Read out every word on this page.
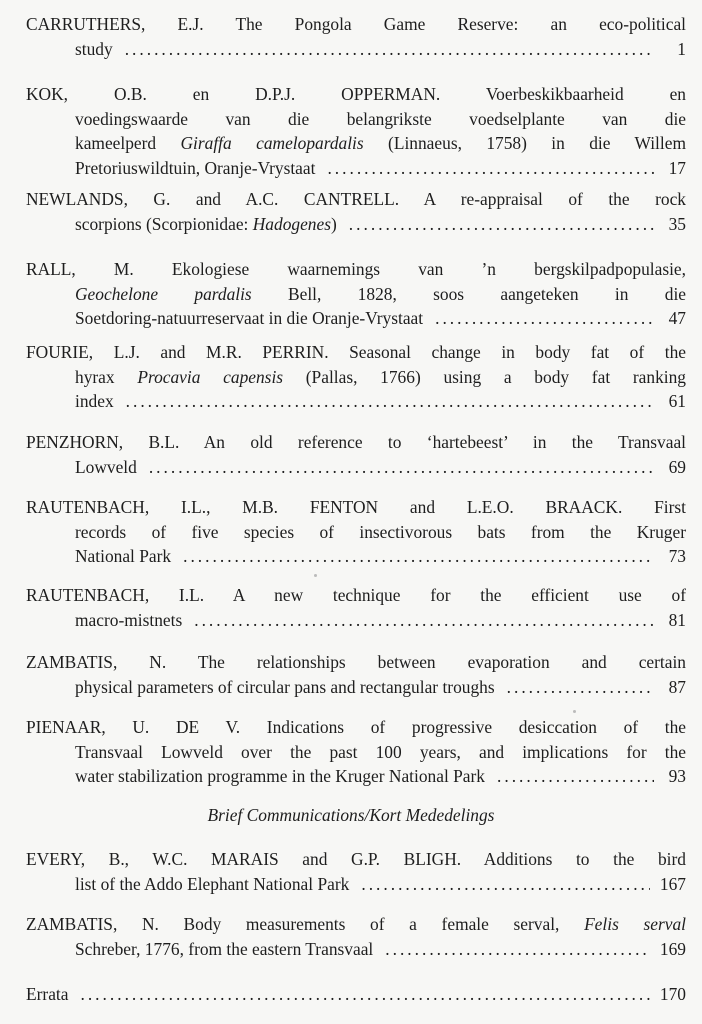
CARRUTHERS, E.J. The Pongola Game Reserve: an eco-political
study .....	1
KOK, O.B. en D.P.J. OPPERMAN. Voerbeskikbaarheid en
voedingswaarde van die belangrikste voedselplante van die
kameelperd Giraffa camelopardalis (Linnaeus, 1758) in die Willem
Pretoriuswildtuin, Oranje-Vrystaat .....	17
NEWLANDS, G. and A.C. CANTRELL. A re-appraisal of the rock
scorpions (Scorpionidae: Hadogenes) .....	35
RALL, M. Ekologiese waarnemings van ’n bergskilpadpopulasie,
Geochelone pardalis Bell, 1828, soos aangeteken in die
Soetdoring-natuurreservaat in die Oranje-Vrystaat .....	47
FOURIE, L.J. and M.R. PERRIN. Seasonal change in body fat of the
hyrax Procavia capensis (Pallas, 1766) using a body fat ranking
index .....	61
PENZHORN, B.L. An old reference to ‘hartebeest’ in the Transvaal
Lowveld .....	69
RAUTENBACH, I.L., M.B. FENTON and L.E.O. BRAACK. First
records of five species of insectivorous bats from the Kruger
National Park .....	73
RAUTENBACH, I.L. A new technique for the efficient use of
macro-mistnets .....	81
ZAMBATIS, N. The relationships between evaporation and certain
physical parameters of circular pans and rectangular troughs .....	87
PIENAAR, U. DE V. Indications of progressive desiccation of the
Transvaal Lowveld over the past 100 years, and implications for the
water stabilization programme in the Kruger National Park .....	93
Brief Communications/Kort Mededelings
EVERY, B., W.C. MARAIS and G.P. BLIGH. Additions to the bird
list of the Addo Elephant National Park .....	167
ZAMBATIS, N. Body measurements of a female serval, Felis serval
Schreber, 1776, from the eastern Transvaal .....	169
Errata .....	170
